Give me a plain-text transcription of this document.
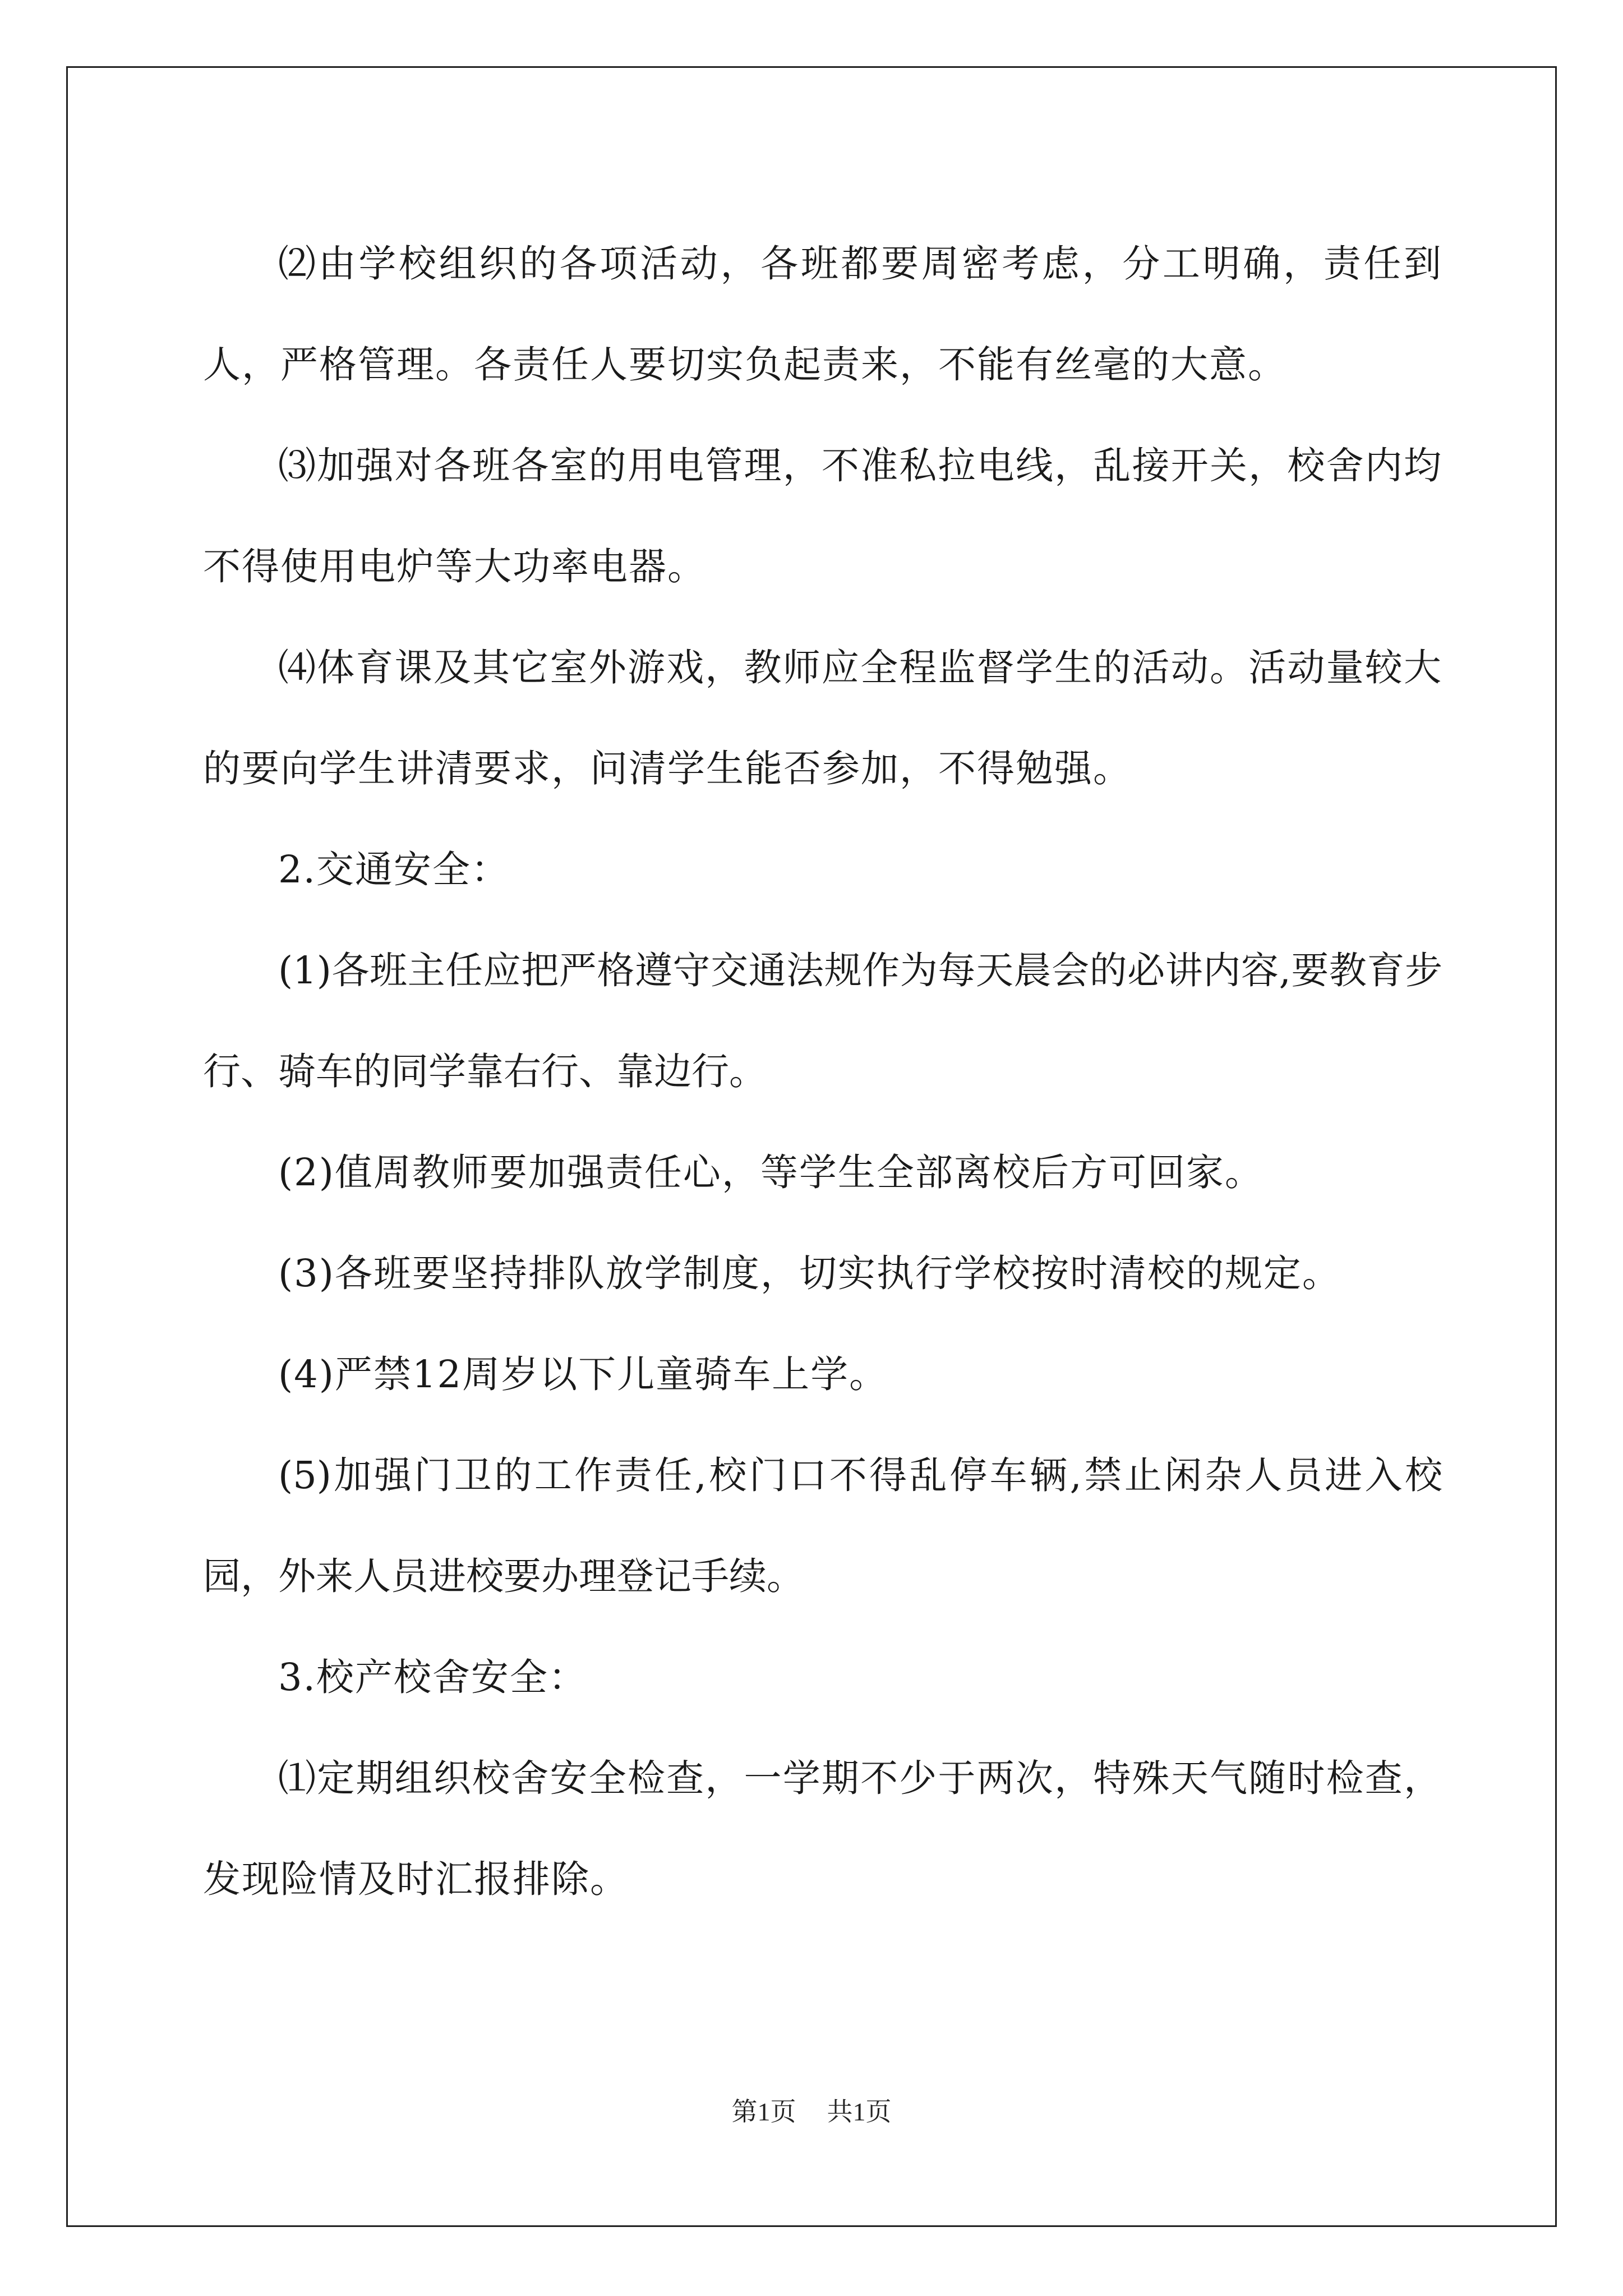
⑵由学校组织的各项活动，各班都要周密考虑，分工明确，责任到人，严格管理。各责任人要切实负起责来，不能有丝毫的大意。

⑶加强对各班各室的用电管理，不准私拉电线，乱接开关，校舍内均不得使用电炉等大功率电器。

⑷体育课及其它室外游戏，教师应全程监督学生的活动。活动量较大的要向学生讲清要求，问清学生能否参加，不得勉强。

2.交通安全：

(1)各班主任应把严格遵守交通法规作为每天晨会的必讲内容,要教育步行、骑车的同学靠右行、靠边行。

(2)值周教师要加强责任心，等学生全部离校后方可回家。

(3)各班要坚持排队放学制度，切实执行学校按时清校的规定。

(4)严禁12周岁以下儿童骑车上学。

(5)加强门卫的工作责任,校门口不得乱停车辆,禁止闲杂人员进入校园，外来人员进校要办理登记手续。

3.校产校舍安全：

⑴定期组织校舍安全检查，一学期不少于两次，特殊天气随时检查，发现险情及时汇报排除。

第1页 共1页
